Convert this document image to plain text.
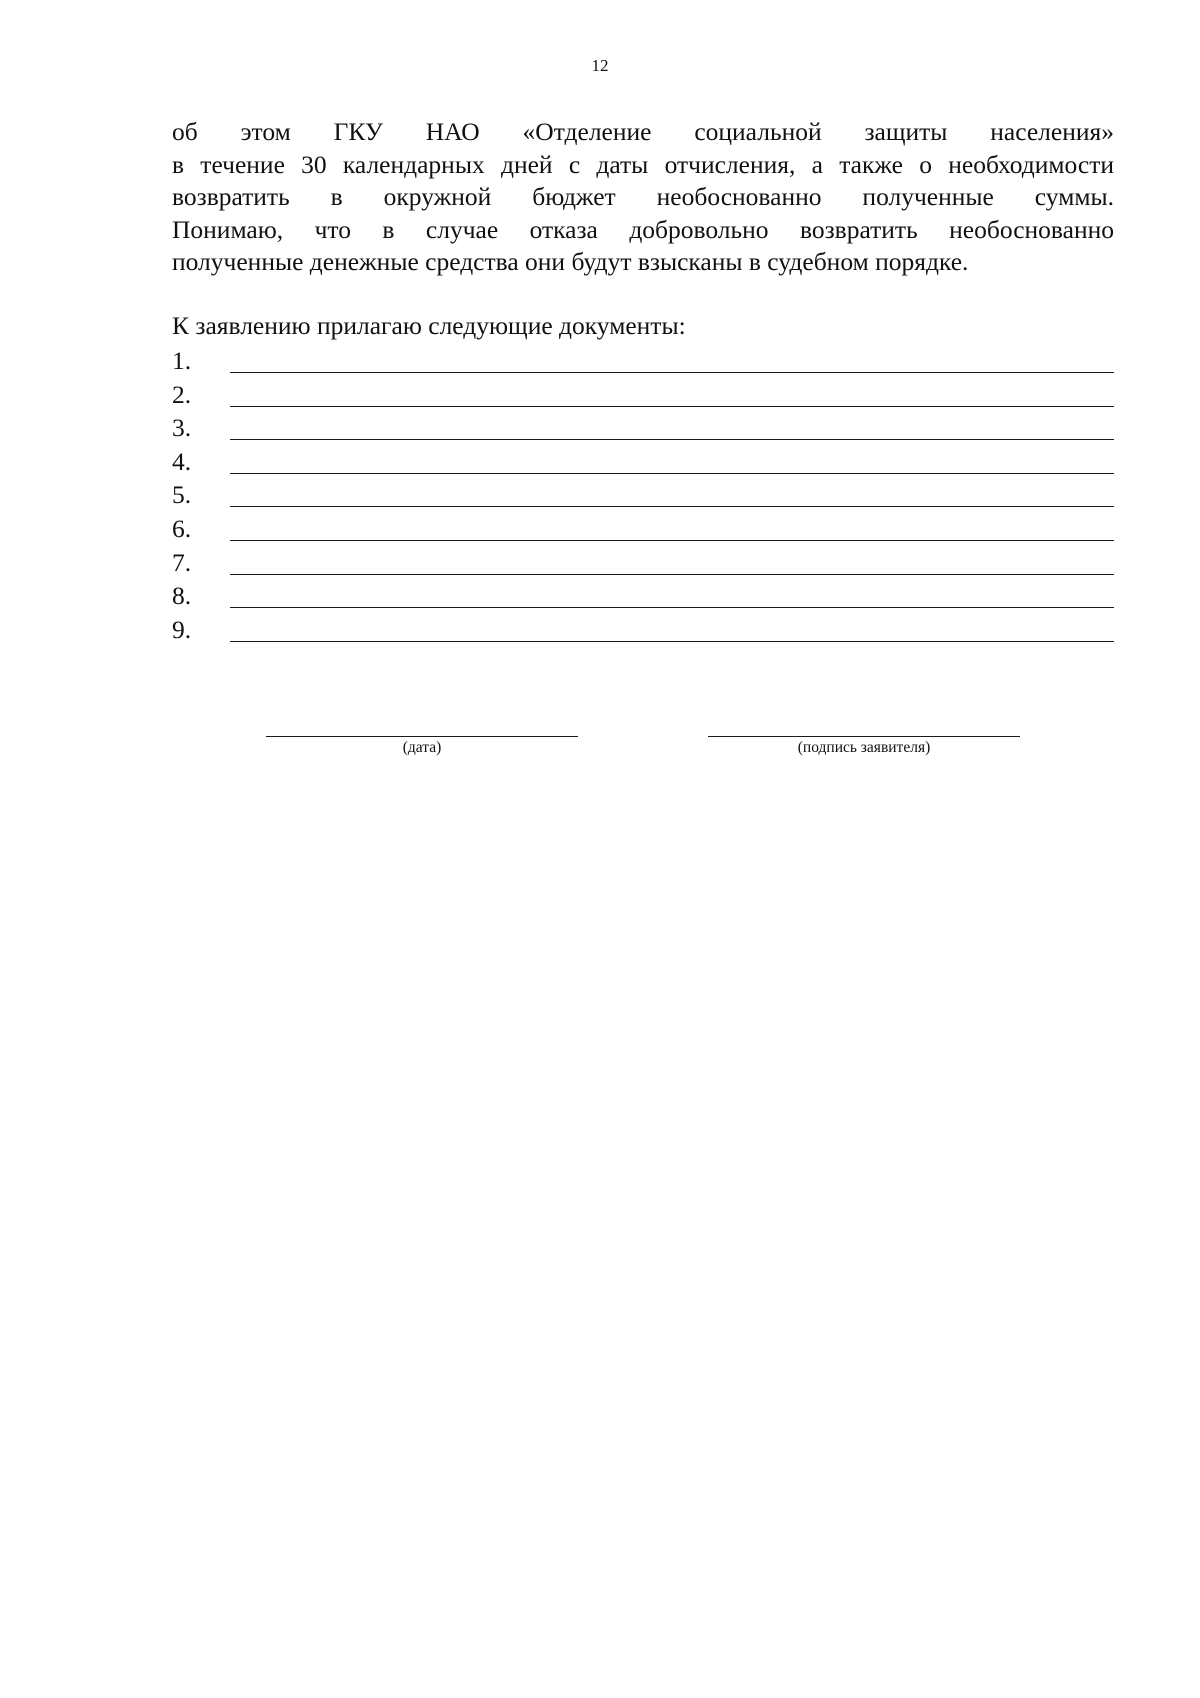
12
об этом ГКУ НАО «Отделение социальной защиты населения»
в течение 30 календарных дней с даты отчисления, а также о необходимости
возвратить в окружной бюджет необоснованно полученные суммы.
Понимаю, что в случае отказа добровольно возвратить необоснованно
полученные денежные средства они будут взысканы в судебном порядке.
К заявлению прилагаю следующие документы:
1.
2.
3.
4.
5.
6.
7.
8.
9.
(дата)	(подпись заявителя)
